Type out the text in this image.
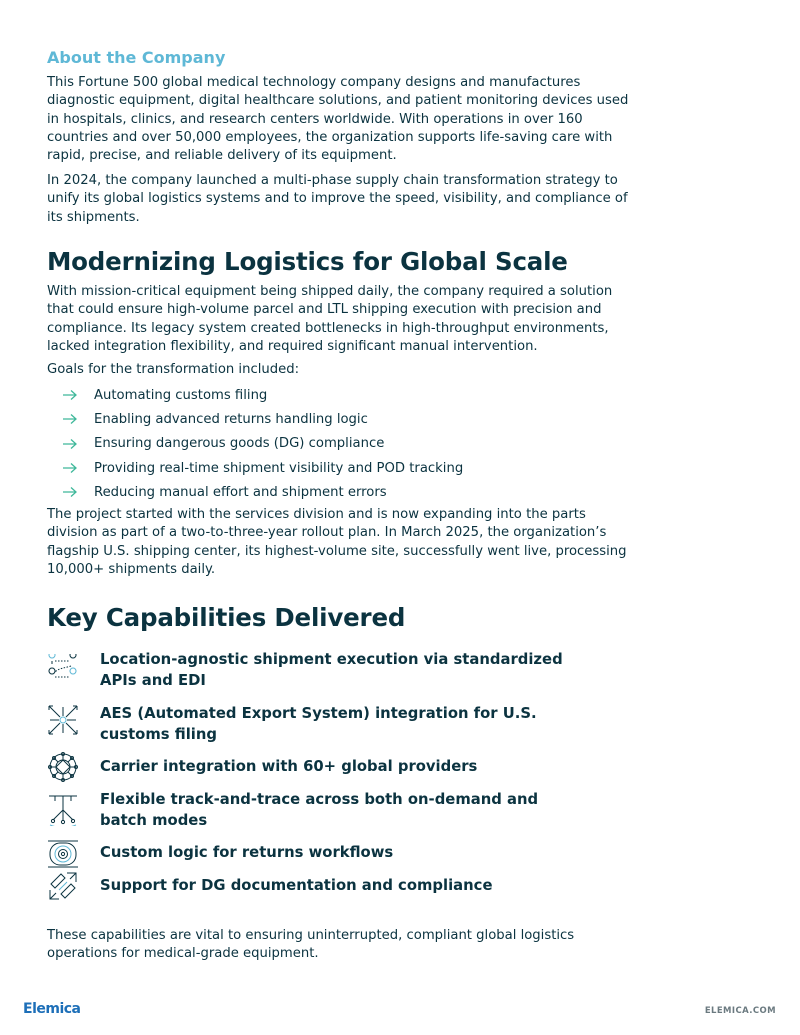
About the Company

This Fortune 500 global medical technology company designs and manufactures diagnostic equipment, digital healthcare solutions, and patient monitoring devices used in hospitals, clinics, and research centers worldwide. With operations in over 160 countries and over 50,000 employees, the organization supports life-saving care with rapid, precise, and reliable delivery of its equipment.

In 2024, the company launched a multi-phase supply chain transformation strategy to unify its global logistics systems and to improve the speed, visibility, and compliance of its shipments.

Modernizing Logistics for Global Scale

With mission-critical equipment being shipped daily, the company required a solution that could ensure high-volume parcel and LTL shipping execution with precision and compliance. Its legacy system created bottlenecks in high-throughput environments, lacked integration flexibility, and required significant manual intervention.

Goals for the transformation included:

Automating customs filing
Enabling advanced returns handling logic
Ensuring dangerous goods (DG) compliance
Providing real-time shipment visibility and POD tracking
Reducing manual effort and shipment errors

The project started with the services division and is now expanding into the parts division as part of a two-to-three-year rollout plan. In March 2025, the organization’s flagship U.S. shipping center, its highest-volume site, successfully went live, processing 10,000+ shipments daily.

Key Capabilities Delivered
Location-agnostic shipment execution via standardized APIs and EDI
AES (Automated Export System) integration for U.S. customs filing
Carrier integration with 60+ global providers
Flexible track-and-trace across both on-demand and batch modes
Custom logic for returns workflows
Support for DG documentation and compliance

These capabilities are vital to ensuring uninterrupted, compliant global logistics operations for medical-grade equipment.

Elemica	ELEMICA.COM
